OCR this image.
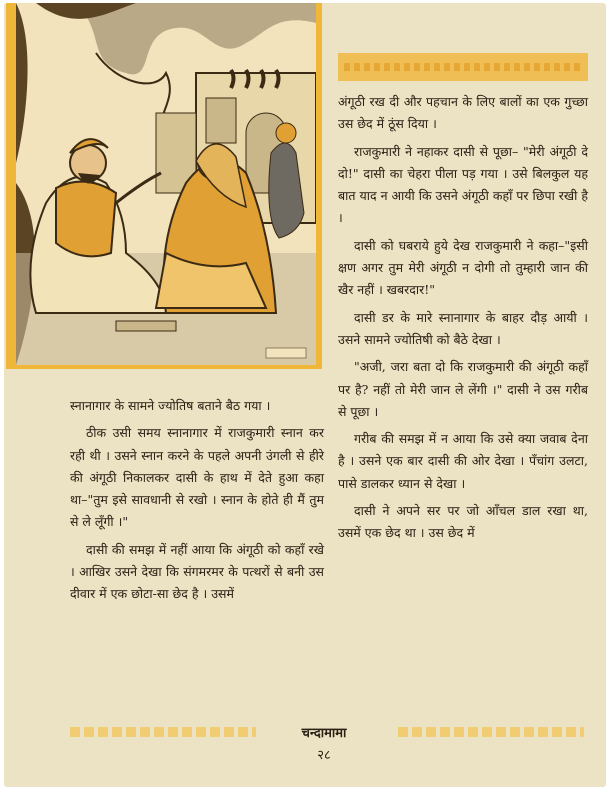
अंगूठी रख दी और पहचान के लिए बालों का एक गुच्छा उस छेद में ठूंस दिया ।

राजकुमारी ने नहाकर दासी से पूछा– "मेरी अंगूठी दे दो!" दासी का चेहरा पीला पड़ गया । उसे बिलकुल यह बात याद न आयी कि उसने अंगूठी कहाँ पर छिपा रखी है ।

दासी को घबराये हुये देख राजकुमारी ने कहा–"इसी क्षण अगर तुम मेरी अंगूठी न दोगी तो तुम्हारी जान की खैर नहीं । खबरदार!"

दासी डर के मारे स्नानागार के बाहर दौड़ आयी । उसने सामने ज्योतिषी को बैठे देखा ।

"अजी, जरा बता दो कि राजकुमारी की अंगूठी कहाँ पर है? नहीं तो मेरी जान ले लेंगी ।" दासी ने उस गरीब से पूछा ।

गरीब की समझ में न आया कि उसे क्या जवाब देना है । उसने एक बार दासी की ओर देखा । पँचांग उलटा, पासे डालकर ध्यान से देखा ।

दासी ने अपने सर पर जो आँचल डाल रखा था, उसमें एक छेद था । उस छेद में

स्नानागार के सामने ज्योतिष बताने बैठ गया ।

ठीक उसी समय स्नानागार में राजकुमारी स्नान कर रही थी । उसने स्नान करने के पहले अपनी उंगली से हीरे की अंगूठी निकालकर दासी के हाथ में देते हुआ कहा था–"तुम इसे सावधानी से रखो । स्नान के होते ही मैं तुम से ले लूँगी ।"

दासी की समझ में नहीं आया कि अंगूठी को कहाँ रखे । आखिर उसने देखा कि संगमरमर के पत्थरों से बनी उस दीवार में एक छोटा-सा छेद है । उसमें

चन्दामामा
२८
